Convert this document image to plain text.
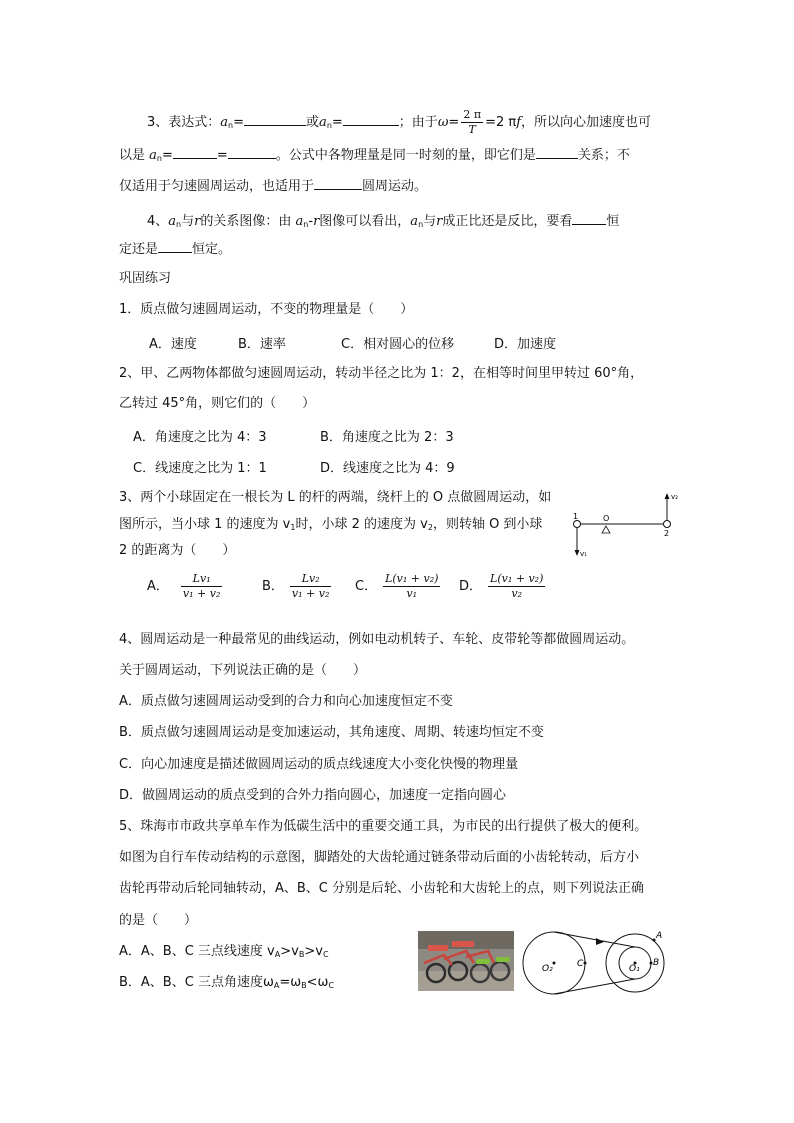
3、表达式：$a_n=$	或$a_n=$	；由于$\omega= \frac{2 \pi}{T} =2$ πf，所以向心加速度也可
以是 $a_n=$	=	。公式中各物理量是同一时刻的量，即它们是	关系；不
仅适用于匀速圆周运动，也适用于	圆周运动。
4、$a_n$与r的关系图像：由 $a_n-r$图像可以看出，$a_n$与r成正比还是反比，要看	恒
定还是	恒定。
巩固练习
1．质点做匀速圆周运动，不变的物理量是（　　）
A．速度	B．速率	C．相对圆心的位移	D．加速度
2、甲、乙两物体都做匀速圆周运动，转动半径之比为 1：2，在相等时间里甲转过 60°角，
乙转过 45°角，则它们的（　　）
A．角速度之比为 4：3	B．角速度之比为 2：3
C．线速度之比为 1：1	D．线速度之比为 4：9
3、两个小球固定在一根长为 L 的杆的两端，绕杆上的 O 点做圆周运动，如
图所示，当小球 1 的速度为 $v_1$时，小球 2 的速度为 $v_2$，则转轴 O 到小球
2 的距离为（　　）
1	O
2
v₁
v₂
A． $\frac{\text{Lv₁}}{\text{v₁ + v₂}}$	B． $\frac{\text{Lv₂}}{\text{v₁ + v₂}}$ C． $\frac{\text{L(v₁ + v₂)}}{\text{v₁}}$ D． $\frac{\text{L(v₁ + v₂)}}{\text{v₂}}$
4、圆周运动是一种最常见的曲线运动，例如电动机转子、车轮、皮带轮等都做圆周运动。
关于圆周运动，下列说法正确的是（　　）
A．质点做匀速圆周运动受到的合力和向心加速度恒定不变
B．质点做匀速圆周运动是变加速运动，其角速度、周期、转速均恒定不变
C．向心加速度是描述做圆周运动的质点线速度大小变化快慢的物理量
D．做圆周运动的质点受到的合外力指向圆心，加速度一定指向圆心
5、珠海市市政共享单车作为低碳生活中的重要交通工具，为市民的出行提供了极大的便利。
如图为自行车传动结构的示意图，脚踏处的大齿轮通过链条带动后面的小齿轮转动，后方小
齿轮再带动后轮同轴转动，A、B、C 分别是后轮、小齿轮和大齿轮上的点，则下列说法正确
的是（　　）
A．A、B、C 三点线速度 $v_A>v_B>v_C$
B．A、B、C 三点角速度$\omega_A=\omega_B<\omega_C$
O₂	O₁
C	B
A
